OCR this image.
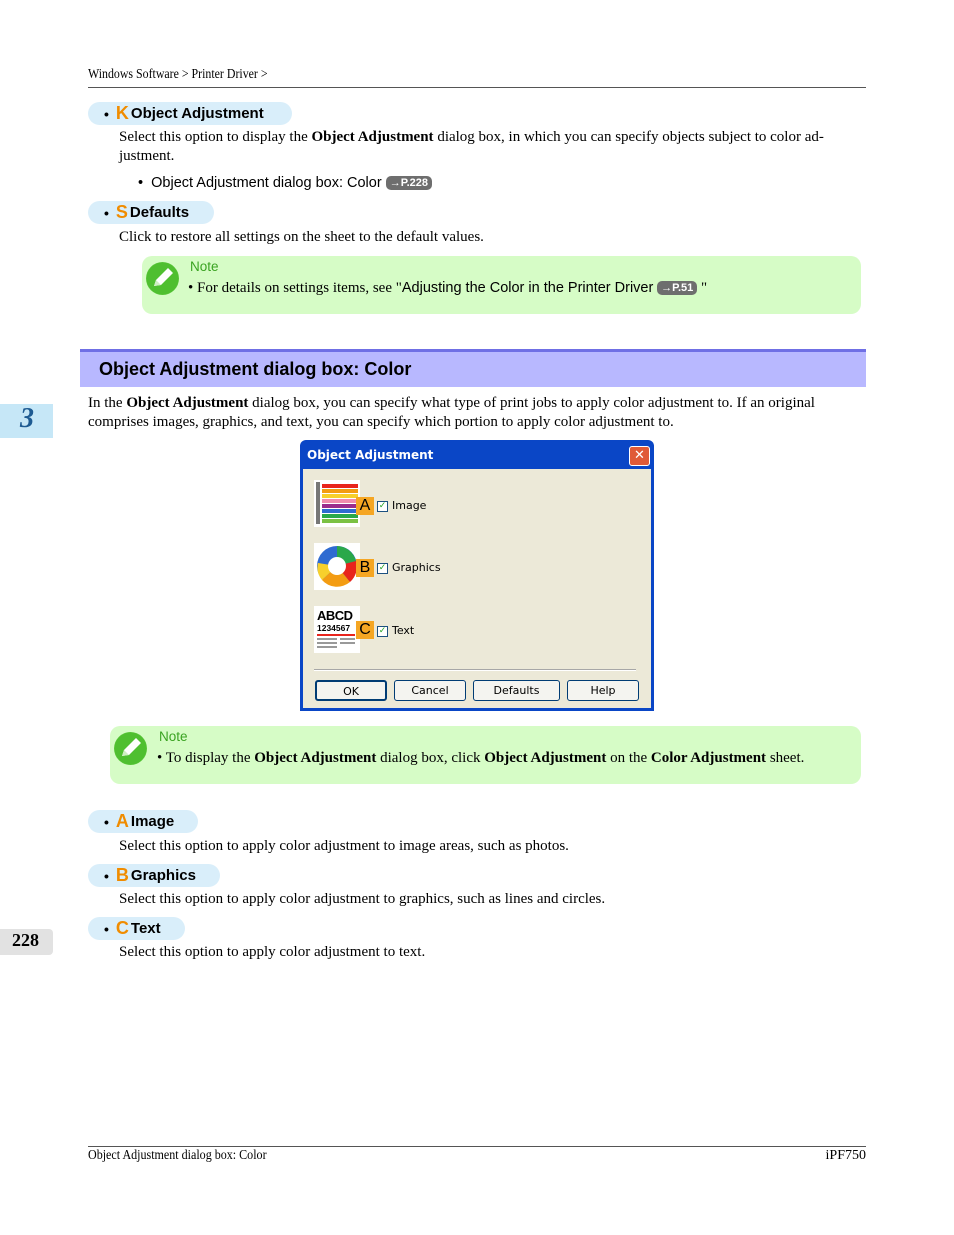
Windows Software > Printer Driver >
3
228
• K Object Adjustment
Select this option to display the Object Adjustment dialog box, in which you can specify objects subject to color ad-
justment.
• Object Adjustment dialog box: Color →P.228
• S Defaults
Click to restore all settings on the sheet to the default values.
Note
• For details on settings items, see "Adjusting the Color in the Printer Driver →P.51 "
Object Adjustment dialog box: Color
In the Object Adjustment dialog box, you can specify what type of print jobs to apply color adjustment to. If an original
comprises images, graphics, and text, you can specify which portion to apply color adjustment to.
Object Adjustment	✕
A ✓ Image
B ✓ Graphics
ABCD
1234567 C ✓ Text
OK	Cancel	Defaults	Help
Note
• To display the Object Adjustment dialog box, click Object Adjustment on the Color Adjustment sheet.
• A Image
Select this option to apply color adjustment to image areas, such as photos.
• B Graphics
Select this option to apply color adjustment to graphics, such as lines and circles.
• C Text
Select this option to apply color adjustment to text.
Object Adjustment dialog box: Color	iPF750
